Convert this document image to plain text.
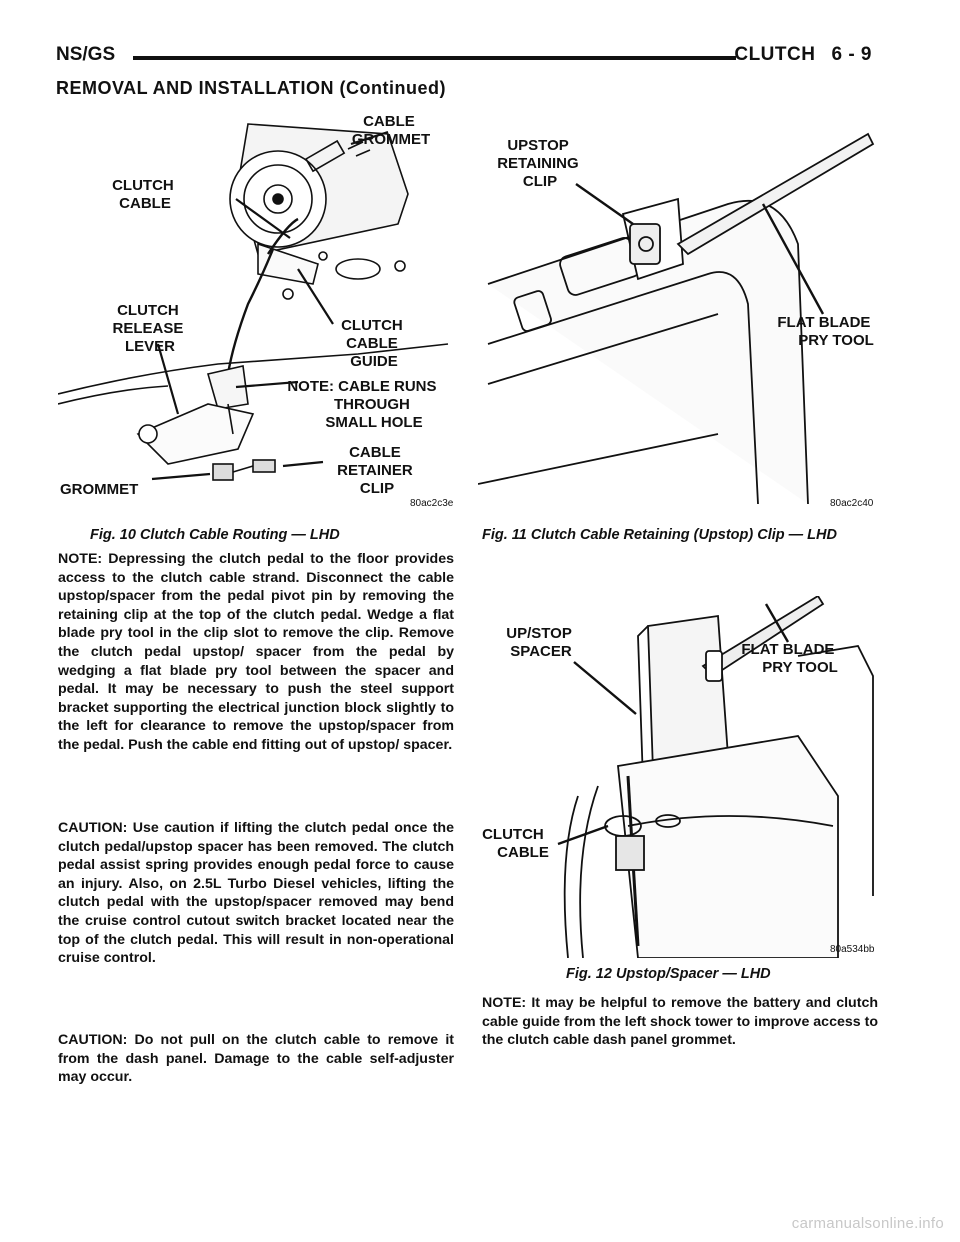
NS/GS	CLUTCH 6 - 9
REMOVAL AND INSTALLATION (Continued)
CABLE GROMMET
CLUTCH CABLE
CLUTCH RELEASE LEVER
CLUTCH CABLE GUIDE
NOTE: CABLE RUNS THROUGH SMALL HOLE
CABLE RETAINER CLIP
GROMMET
80ac2c3e
Fig. 10 Clutch Cable Routing — LHD
UPSTOP RETAINING CLIP
FLAT BLADE PRY TOOL
80ac2c40
Fig. 11 Clutch Cable Retaining (Upstop) Clip — LHD

NOTE: Depressing the clutch pedal to the floor provides access to the clutch cable strand. Disconnect the cable upstop/spacer from the pedal pivot pin by removing the retaining clip at the top of the clutch pedal. Wedge a flat blade pry tool in the clip slot to remove the clip. Remove the clutch pedal upstop/ spacer from the pedal by wedging a flat blade pry tool between the spacer and pedal. It may be necessary to push the steel support bracket supporting the electrical junction block slightly to the left for clearance to remove the upstop/spacer from the pedal. Push the cable end fitting out of upstop/ spacer.

CAUTION: Use caution if lifting the clutch pedal once the clutch pedal/upstop spacer has been removed. The clutch pedal assist spring provides enough pedal force to cause an injury. Also, on 2.5L Turbo Diesel vehicles, lifting the clutch pedal with the upstop/spacer removed may bend the cruise control cutout switch bracket located near the top of the clutch pedal. This will result in non-operational cruise control.

CAUTION: Do not pull on the clutch cable to remove it from the dash panel. Damage to the cable self-adjuster may occur.

UP/STOP SPACER	FLAT BLADE PRY TOOL
CLUTCH CABLE
80a534bb
Fig. 12 Upstop/Spacer — LHD

NOTE: It may be helpful to remove the battery and clutch cable guide from the left shock tower to improve access to the clutch cable dash panel grommet.

carmanualsonline.info
